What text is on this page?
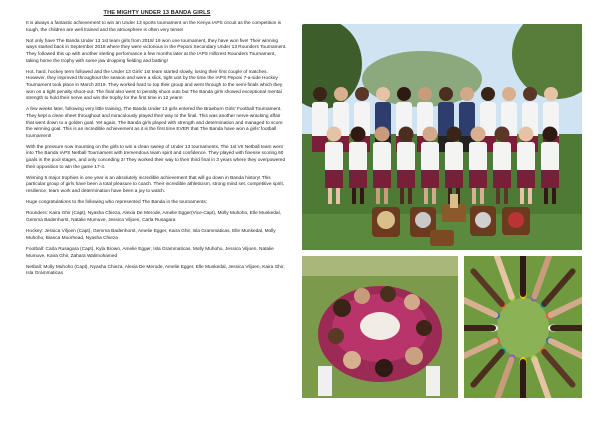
THE MIGHTY UNDER 13 BANDA GIRLS

It is always a fantastic achievement to win an Under 13 sports tournament on the Kenya IAPS circuit as the competition is tough, the children are well trained and the atmosphere is often very tense!

Not only have The Banda Under 13 1st team girls from 2018/ 19 won one tournament, they have won five! Their winning ways started back in September 2018 where they were victorious in the Peponi Secondary Under 13 Rounders Tournament. They followed this up with another sterling performance a few months later at the IAPS Hillcrest Rounders Tournament, taking home the trophy with some jaw dropping fielding and batting!

Hot, hard, hockey term followed and the Under 13 Girls' 1st team started slowly, losing their first couple of matches. However, they improved throughout the season and were a slick, tight unit by the time the IAPS Peponi 7-a-side Hockey Tournament took place in March 2019. They worked hard to top their group and went through to the semi-finals which they won on a tight penalty shoot-out. The final also went to penalty shoot outs but The Banda girls showed exceptional mental strength to hold their nerve and win the trophy for the first time in 12 years!

A few weeks later, following very little training, The Banda Under 13 girls entered the Braeburn Girls' Football Tournament. They kept a clean sheet throughout and miraculously played their way to the final. This was another nerve-wracking affair that went down to a golden goal. Yet again, The Banda girls played with strength and determination and managed to score the winning goal. This is an incredible achievement as it is the first time EVER that The Banda have won a girls' football tournament!

With the pressure now mounting on the girls to win a clean sweep of Under 13 tournaments, The 1st VII Netball team went into The Banda IAPS Netball Tournament with tremendous team spirit and confidence. They played with finesse scoring 60 goals in the pool stages, and only conceding 3! They worked their way to their third final in 3 years where they overpowered their opposition to win the game 17-4.

Winning 5 major trophies in one year is an absolutely incredible achievement that will go down in Banda history! This particular group of girls have been a total pleasure to coach. Their incredible athleticism, strong mind set, competitive spirit, resilience, team work and determination have been a joy to watch.

Huge congratulations to the following who represented The Banda in the tournaments:

Rounders: Kaira Ghir (Capt), Nyasha Chieza, Alexia De Merode, Amelie Egger(Vice-Capt), Molly Muhoho, Elle Munkedal, Gemma Badenhorst, Natalie Mumuve, Jessica Viljoen, Carla Rusagara

Hockey: Jessica Viljoen (Capt), Gemma Badenhorst, Amelie Egger, Kaira Ghir, Isla Grammaticas, Elle Munkedal, Molly Muhoho, Bianca Moorhead, Nyasha Chieza

Football: Carla Rusagara (Capt), Kyla Brown, Amelie Egger, Isla Grammaticas, Molly Muhoho, Jessica Viljoen, Natalie Mumuve, Kaira Ghir, Zahara Walimohamed

Netball: Molly Muhoho (Capt), Nyasha Chieza, Alexia De Merode, Amelie Egger, Elle Munkedal, Jessica Viljoen, Kaira Ghir, Isla Grammaticas
